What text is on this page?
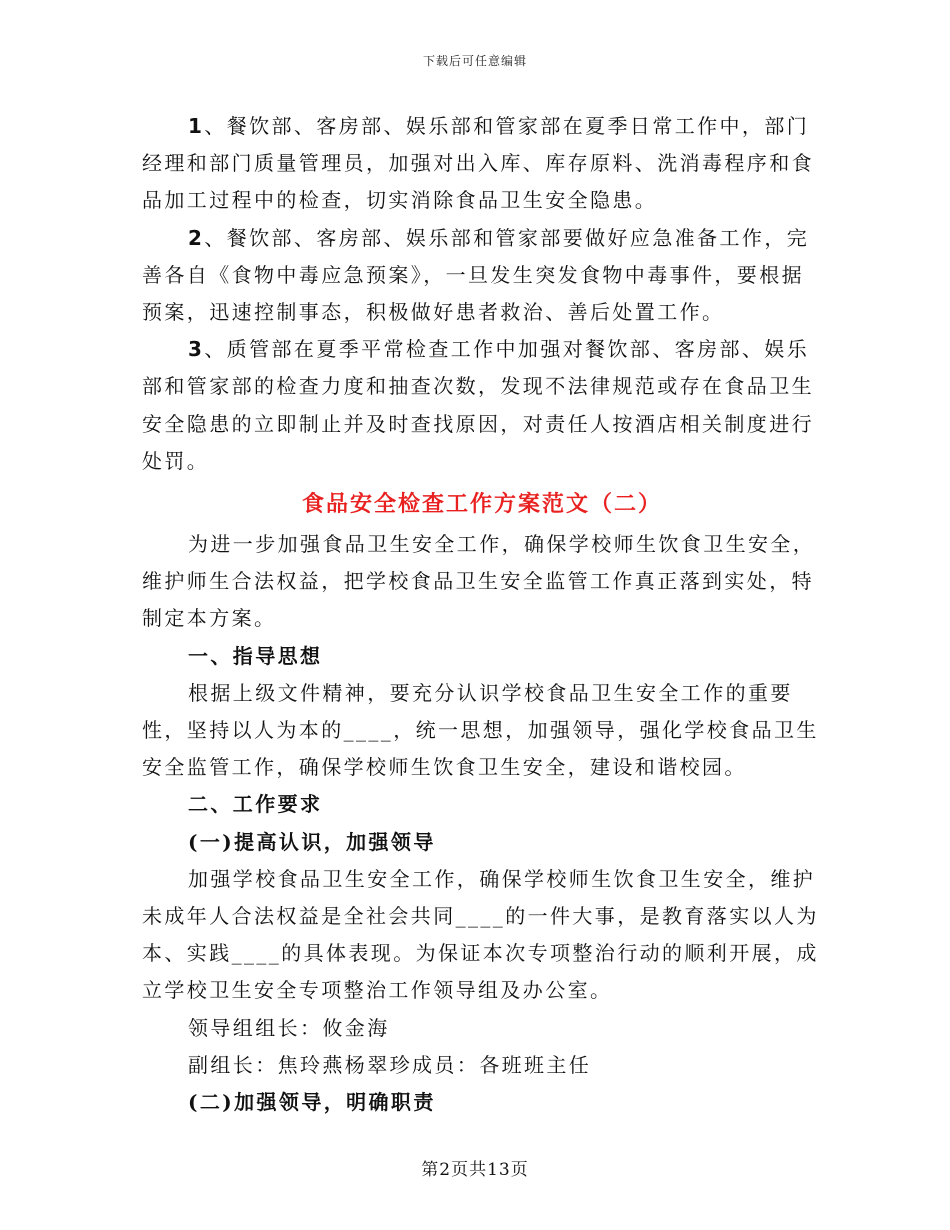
下载后可任意编辑

1、餐饮部、客房部、娱乐部和管家部在夏季日常工作中，部门经理和部门质量管理员，加强对出入库、库存原料、洗消毒程序和食品加工过程中的检查，切实消除食品卫生安全隐患。

2、餐饮部、客房部、娱乐部和管家部要做好应急准备工作，完善各自《食物中毒应急预案》，一旦发生突发食物中毒事件，要根据预案，迅速控制事态，积极做好患者救治、善后处置工作。

3、质管部在夏季平常检查工作中加强对餐饮部、客房部、娱乐部和管家部的检查力度和抽查次数，发现不法律规范或存在食品卫生安全隐患的立即制止并及时查找原因，对责任人按酒店相关制度进行处罚。

食品安全检查工作方案范文（二）

为进一步加强食品卫生安全工作，确保学校师生饮食卫生安全，维护师生合法权益，把学校食品卫生安全监管工作真正落到实处，特制定本方案。

一、指导思想

根据上级文件精神，要充分认识学校食品卫生安全工作的重要性，坚持以人为本的____，统一思想，加强领导，强化学校食品卫生安全监管工作，确保学校师生饮食卫生安全，建设和谐校园。

二、工作要求

(一)提高认识，加强领导

加强学校食品卫生安全工作，确保学校师生饮食卫生安全，维护未成年人合法权益是全社会共同____的一件大事，是教育落实以人为本、实践____的具体表现。为保证本次专项整治行动的顺利开展，成立学校卫生安全专项整治工作领导组及办公室。

领导组组长：攸金海

副组长：焦玲燕杨翠珍成员：各班班主任

(二)加强领导，明确职责

第2页共13页
